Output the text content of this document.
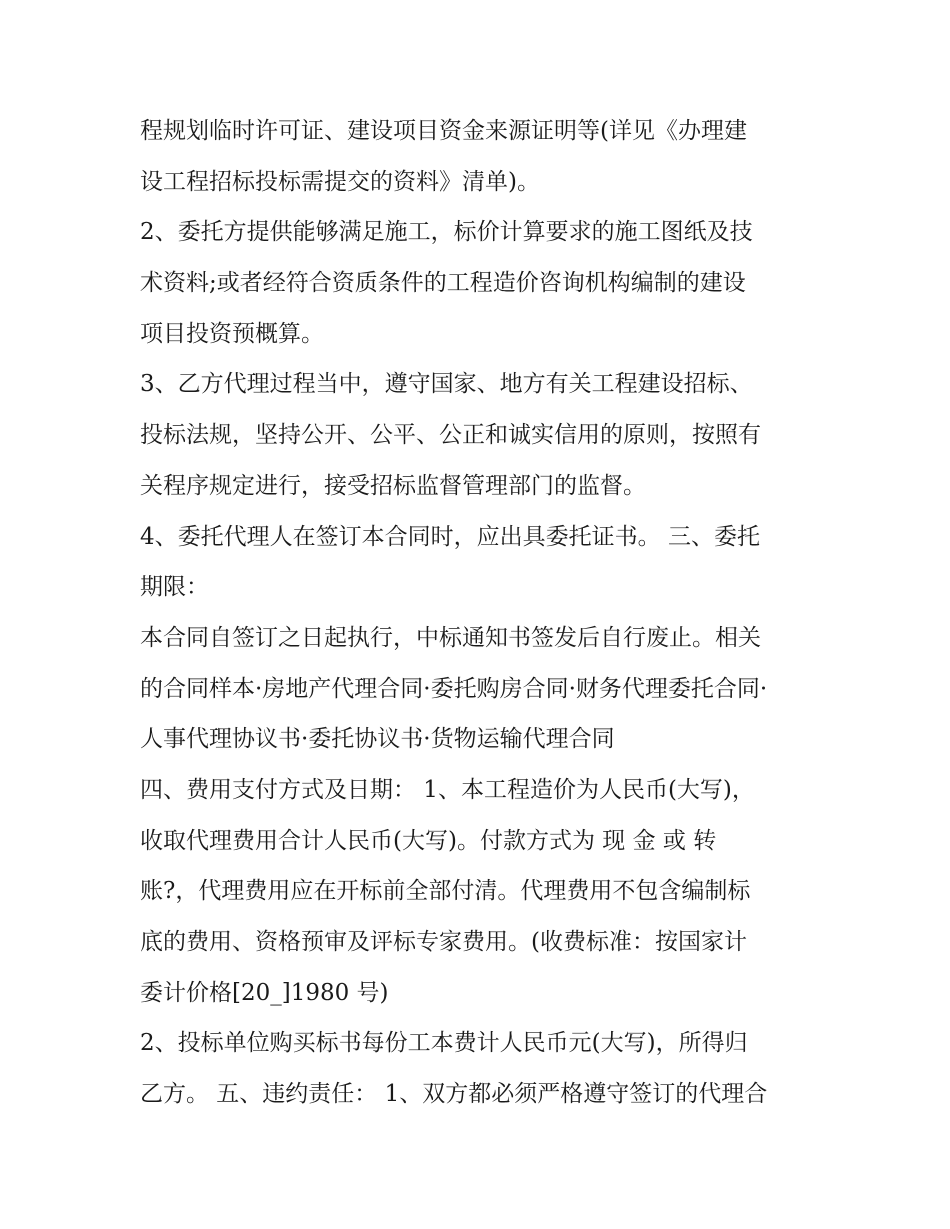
程规划临时许可证、建设项目资金来源证明等(详见《办理建
设工程招标投标需提交的资料》清单)。
2、委托方提供能够满足施工，标价计算要求的施工图纸及技
术资料;或者经符合资质条件的工程造价咨询机构编制的建设
项目投资预概算。
3、乙方代理过程当中，遵守国家、地方有关工程建设招标、
投标法规，坚持公开、公平、公正和诚实信用的原则，按照有
关程序规定进行，接受招标监督管理部门的监督。
4、委托代理人在签订本合同时，应出具委托证书。 三、委托
期限：
本合同自签订之日起执行，中标通知书签发后自行废止。相关
的合同样本·房地产代理合同·委托购房合同·财务代理委托合同·
人事代理协议书·委托协议书·货物运输代理合同
四、费用支付方式及日期： 1、本工程造价为人民币(大写)，
收取代理费用合计人民币(大写)。付款方式为 现 金 或 转
账?，代理费用应在开标前全部付清。代理费用不包含编制标
底的费用、资格预审及评标专家费用。(收费标准：按国家计
委计价格[20_]1980 号)
2、投标单位购买标书每份工本费计人民币元(大写)，所得归
乙方。 五、违约责任： 1、双方都必须严格遵守签订的代理合
